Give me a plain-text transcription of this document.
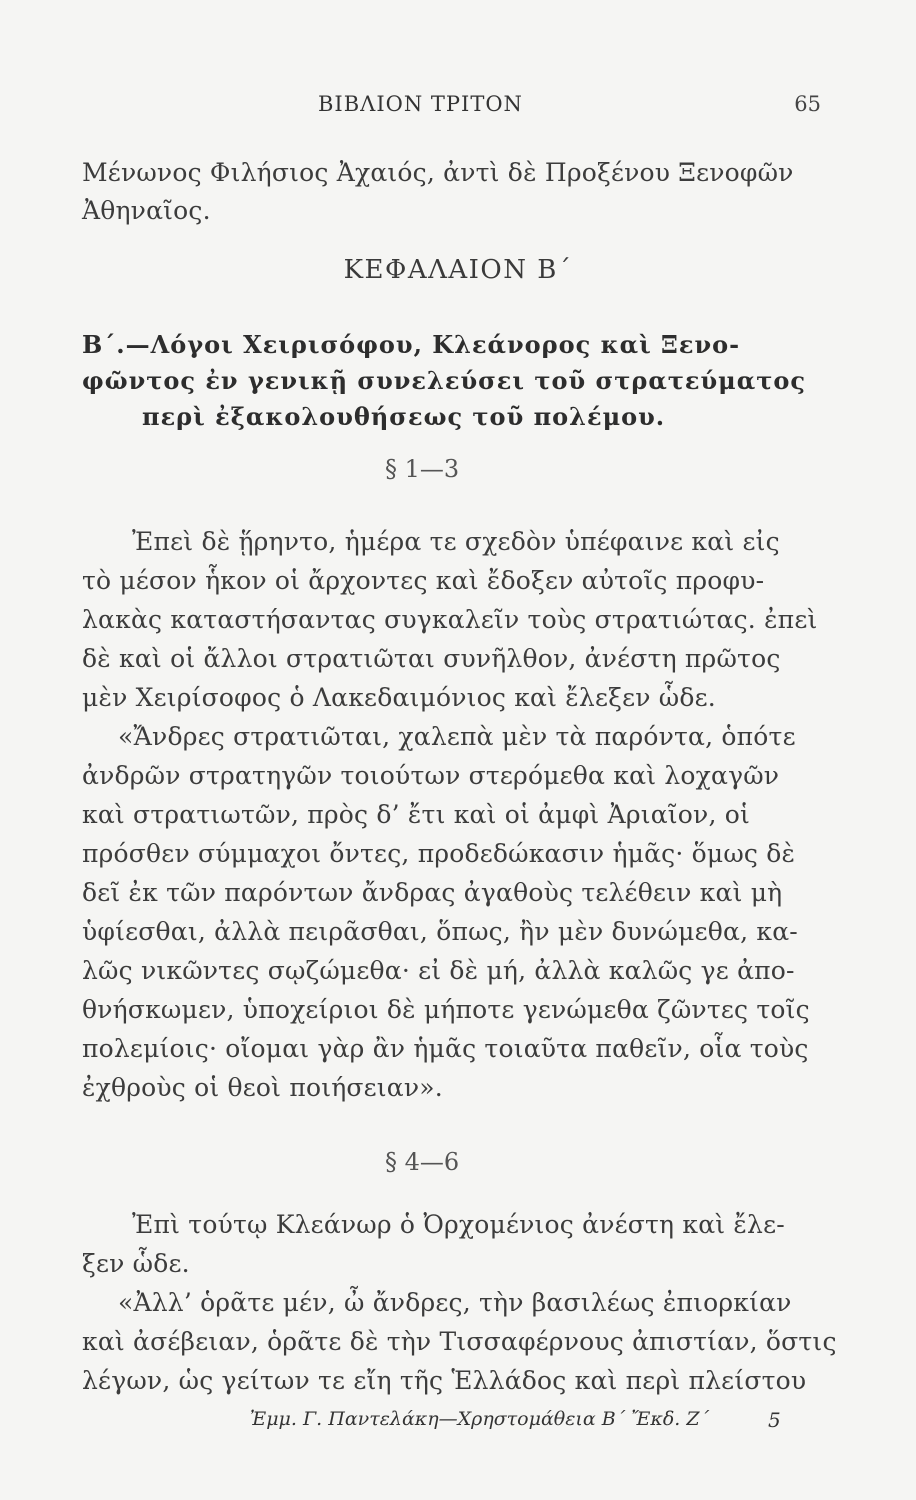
ΒΙΒΛΙΟΝ ΤΡΙΤΟΝ	65
Μένωνος Φιλήσιος Ἀχαιός, ἀντὶ δὲ Προξένου Ξενοφῶν
Ἀθηναῖος.
ΚΕΦΑΛΑΙΟΝ Β΄
Β΄.—Λόγοι Χειρισόφου, Κλεάνορος καὶ Ξενο-
φῶντος ἐν γενικῇ συνελεύσει τοῦ στρατεύματος
περὶ ἐξακολουθήσεως τοῦ πολέμου.
§ 1—3
Ἐπεὶ δὲ ᾕρηντο, ἡμέρα τε σχεδὸν ὑπέφαινε καὶ εἰς
τὸ μέσον ἧκον οἱ ἄρχοντες καὶ ἔδοξεν αὐτοῖς προφυ-
λακὰς καταστήσαντας συγκαλεῖν τοὺς στρατιώτας. ἐπεὶ
δὲ καὶ οἱ ἄλλοι στρατιῶται συνῆλθον, ἀνέστη πρῶτος
μὲν Χειρίσοφος ὁ Λακεδαιμόνιος καὶ ἔλεξεν ὧδε.
«Ἄνδρες στρατιῶται, χαλεπὰ μὲν τὰ παρόντα, ὁπότε
ἀνδρῶν στρατηγῶν τοιούτων στερόμεθα καὶ λοχαγῶν
καὶ στρατιωτῶν, πρὸς δ’ ἔτι καὶ οἱ ἀμφὶ Ἀριαῖον, οἱ
πρόσθεν σύμμαχοι ὄντες, προδεδώκασιν ἡμᾶς· ὅμως δὲ
δεῖ ἐκ τῶν παρόντων ἄνδρας ἀγαθοὺς τελέθειν καὶ μὴ
ὑφίεσθαι, ἀλλὰ πειρᾶσθαι, ὅπως, ἢν μὲν δυνώμεθα, κα-
λῶς νικῶντες σῳζώμεθα· εἰ δὲ μή, ἀλλὰ καλῶς γε ἀπο-
θνήσκωμεν, ὑποχείριοι δὲ μήποτε γενώμεθα ζῶντες τοῖς
πολεμίοις· οἴομαι γὰρ ἂν ἡμᾶς τοιαῦτα παθεῖν, οἷα τοὺς
ἐχθροὺς οἱ θεοὶ ποιήσειαν».
§ 4—6
Ἐπὶ τούτῳ Κλεάνωρ ὁ Ὀρχομένιος ἀνέστη καὶ ἔλε-
ξεν ὧδε.
«Ἀλλ’ ὁρᾶτε μέν, ὦ ἄνδρες, τὴν βασιλέως ἐπιορκίαν
καὶ ἀσέβειαν, ὁρᾶτε δὲ τὴν Τισσαφέρνους ἀπιστίαν, ὅστις
λέγων, ὡς γείτων τε εἴη τῆς Ἑλλάδος καὶ περὶ πλείστου
Ἐμμ. Γ. Παντελάκη—Χρηστομάθεια Β΄ Ἔκδ. Ζ΄	5
